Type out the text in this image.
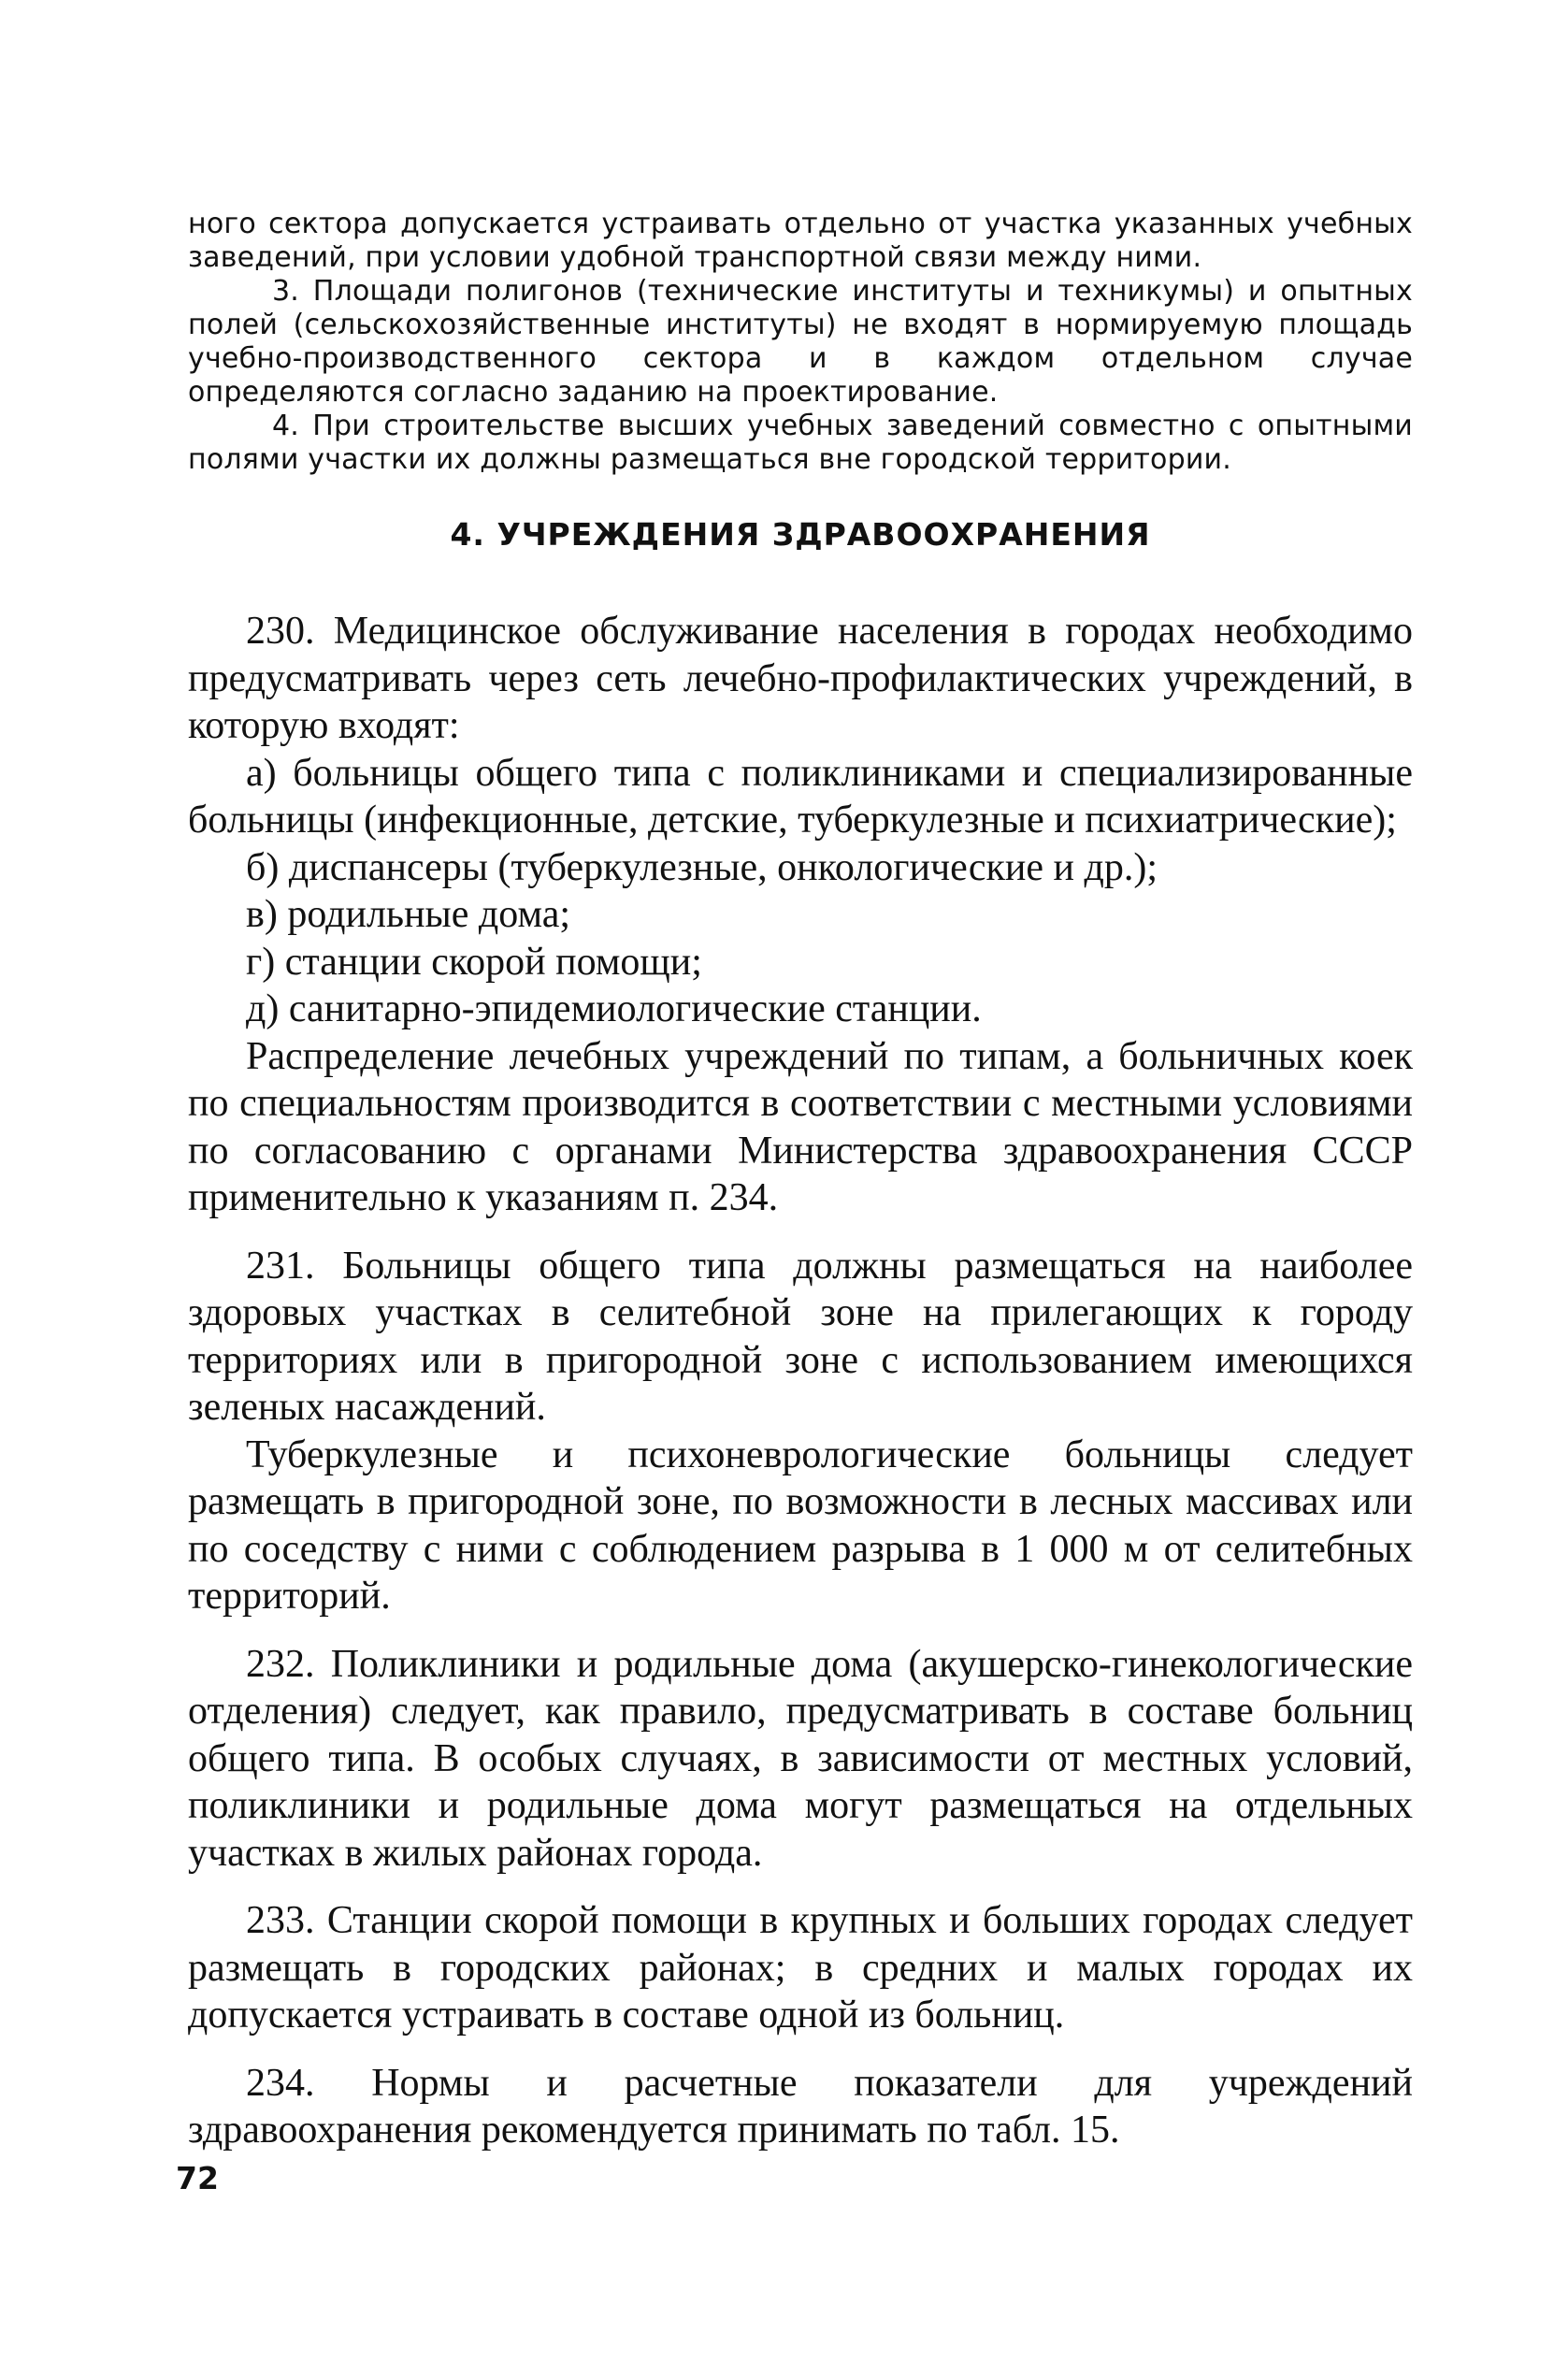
ного сектора допускается устраивать отдельно от участка указанных учебных заведений, при условии удобной транспортной связи между ними.

3. Площади полигонов (технические институты и техникумы) и опытных полей (сельскохозяйственные институты) не входят в нормируемую площадь учебно-производственного сектора и в каждом отдельном случае определяются согласно заданию на проектирование.

4. При строительстве высших учебных заведений совместно с опытными полями участки их должны размещаться вне городской территории.

4. УЧРЕЖДЕНИЯ ЗДРАВООХРАНЕНИЯ

230. Медицинское обслуживание населения в городах необходимо предусматривать через сеть лечебно-профилактических учреждений, в которую входят:

а) больницы общего типа с поликлиниками и специализированные больницы (инфекционные, детские, туберкулезные и психиатрические);

б) диспансеры (туберкулезные, онкологические и др.);

в) родильные дома;

г) станции скорой помощи;

д) санитарно-эпидемиологические станции.

Распределение лечебных учреждений по типам, а больничных коек по специальностям производится в соответствии с местными условиями по согласованию с органами Министерства здравоохранения СССР применительно к указаниям п. 234.

231. Больницы общего типа должны размещаться на наиболее здоровых участках в селитебной зоне на прилегающих к городу территориях или в пригородной зоне с использованием имеющихся зеленых насаждений.

Туберкулезные и психоневрологические больницы следует размещать в пригородной зоне, по возможности в лесных массивах или по соседству с ними с соблюдением разрыва в 1 000 м от селитебных территорий.

232. Поликлиники и родильные дома (акушерско-гинекологические отделения) следует, как правило, предусматривать в составе больниц общего типа. В особых случаях, в зависимости от местных условий, поликлиники и родильные дома могут размещаться на отдельных участках в жилых районах города.

233. Станции скорой помощи в крупных и больших городах следует размещать в городских районах; в средних и малых городах их допускается устраивать в составе одной из больниц.

234. Нормы и расчетные показатели для учреждений здравоохранения рекомендуется принимать по табл. 15.

72
